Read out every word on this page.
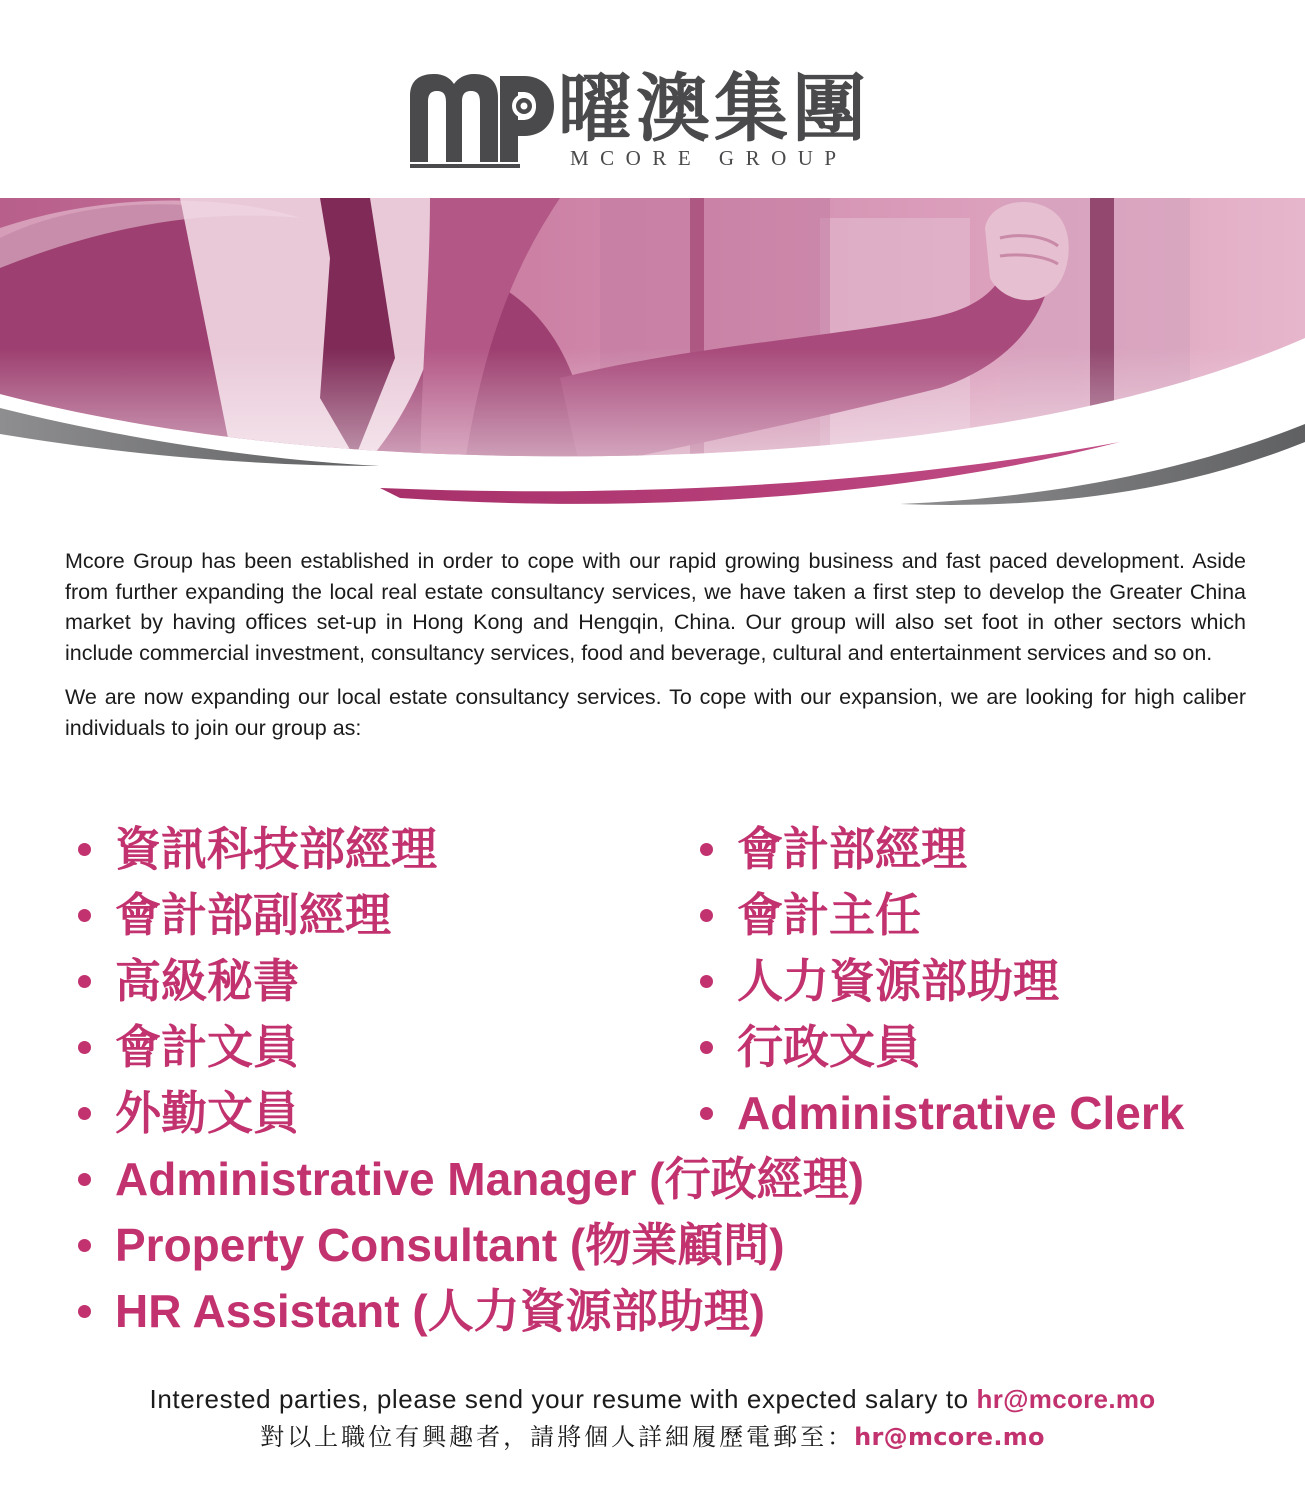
曜澳集團
MCORE GROUP

Mcore Group has been established in order to cope with our rapid growing business and fast paced development. Aside from further expanding the local real estate consultancy services, we have taken a first step to develop the Greater China market by having offices set-up in Hong Kong and Hengqin, China. Our group will also set foot in other sectors which include commercial investment, consultancy services, food and beverage, cultural and entertainment services and so on.

We are now expanding our local estate consultancy services. To cope with our expansion, we are looking for high caliber individuals to join our group as:

資訊科技部經理	會計部經理
會計部副經理	會計主任
高級秘書	人力資源部助理
會計文員	行政文員
外勤文員	Administrative Clerk
Administrative Manager (行政經理)
Property Consultant (物業顧問)
HR Assistant (人力資源部助理)
Interested parties, please send your resume with expected salary to hr@mcore.mo
對以上職位有興趣者，請將個人詳細履歷電郵至：hr@mcore.mo
